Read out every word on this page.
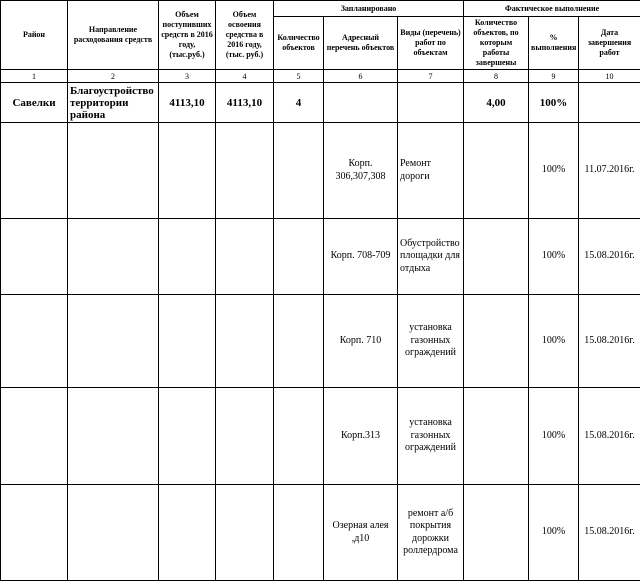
Район	Направление расходования средств	Объем поступивших средств в 2016 году, (тыс.руб.)	Объем освоения средства в 2016 году, (тыс. руб.)	Запланировано			Фактическое выполнение		
				Количество объектов	Адресный перечень объектов	Виды (перечень) работ по объектам	Количество объектов, по которым работы завершены	% выполнения	Дата завершения работ
1	2	3	4	5	6	7	8	9	10
Савелки	Благоустройство территории района	4113,10	4113,10	4			4,00	100%	
					Корп. 306,307,308	Ремонт дороги		100%	11.07.2016г.
					Корп. 708-709	Обустройство площадки для отдыха		100%	15.08.2016г.
					Корп. 710	установка газонных ограждений		100%	15.08.2016г.
					Корп.313	установка газонных ограждений		100%	15.08.2016г.
					Озерная алея ,д10	ремонт а/б покрытия дорожки роллердрома		100%	15.08.2016г.
